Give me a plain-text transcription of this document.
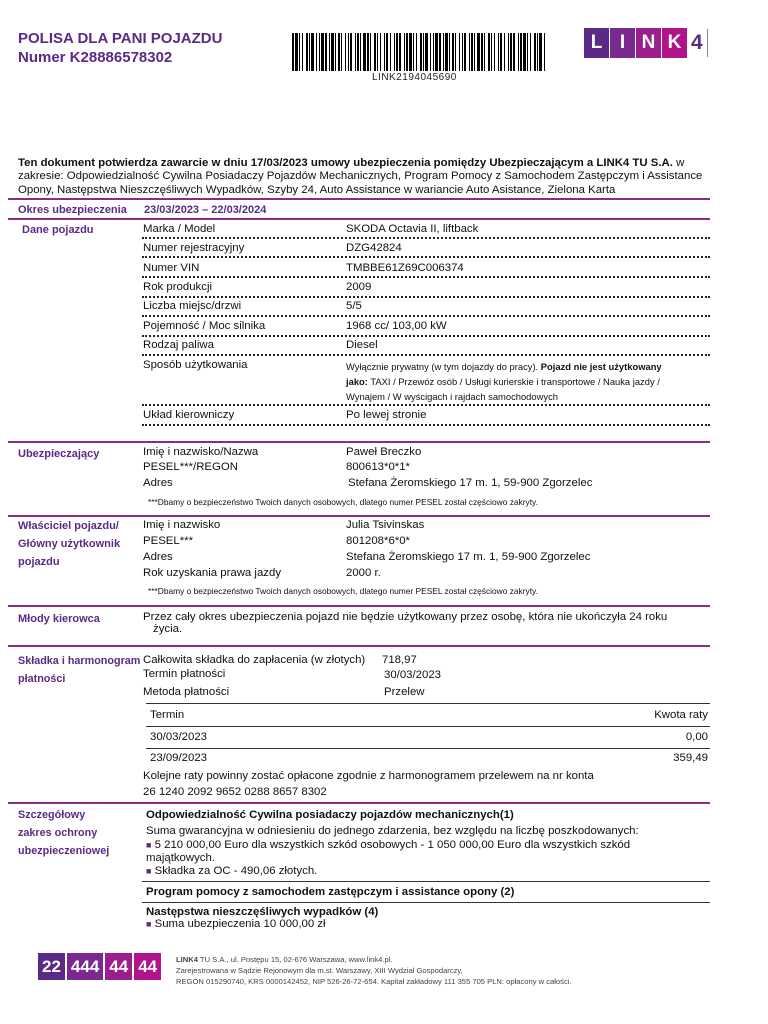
POLISA DLA PANI POJAZDU
Numer K28886578302
LINK2194045690
L I N K 4
Ten dokument potwierdza zawarcie w dniu 17/03/2023 umowy ubezpieczenia pomiędzy Ubezpieczającym a LINK4 TU S.A. w zakresie: Odpowiedzialność Cywilna Posiadaczy Pojazdów Mechanicznych, Program Pomocy z Samochodem Zastępczym i Assistance Opony, Następstwa Nieszczęśliwych Wypadków, Szyby 24, Auto Assistance w wariancie Auto Asistance, Zielona Karta
Okres ubezpieczenia 23/03/2023 – 22/03/2024
Dane pojazdu	Marka / Model	SKODA Octavia II, liftback
Numer rejestracyjny	DZG42824
Numer VIN	TMBBE61Z69C006374
Rok produkcji	2009
Liczba miejsc/drzwi	5/5
Pojemność / Moc silnika	1968 cc/ 103,00 kW
Rodzaj paliwa	Diesel
Sposób użytkowania	Wyłącznie prywatny (w tym dojazdy do pracy). Pojazd nie jest użytkowany
jako: TAXI / Przewóz osób / Usługi kurierskie i transportowe / Nauka jazdy /
Wynajem / W wyścigach i rajdach samochodowych
Układ kierowniczy	Po lewej stronie
Ubezpieczający	Imię i nazwisko/Nazwa	Paweł Breczko
PESEL***/REGON	800613*0*1*
Adres	Stefana Żeromskiego 17 m. 1, 59-900 Zgorzelec
***Dbamy o bezpieczeństwo Twoich danych osobowych, dlatego numer PESEL został częściowo zakryty.
Właściciel pojazdu/
Główny użytkownik
pojazdu
Imię i nazwisko	Julia Tsivinskas
PESEL***	801208*6*0*
Adres	Stefana Żeromskiego 17 m. 1, 59-900 Zgorzelec
Rok uzyskania prawa jazdy	2000 r.
***Dbamy o bezpieczeństwo Twoich danych osobowych, dlatego numer PESEL został częściowo zakryty.
Młody kierowca	Przez cały okres ubezpieczenia pojazd nie będzie użytkowany przez osobę, która nie ukończyła 24 roku
życia.
Składka i harmonogram
płatności
Całkowita składka do zapłacenia (w złotych) 718,97
Termin płatności	30/03/2023
Metoda płatności	Przelew
Termin	Kwota raty
30/03/2023	0,00
23/09/2023	359,49
Kolejne raty powinny zostać opłacone zgodnie z harmonogramem przelewem na nr konta
26 1240 2092 9652 0288 8657 8302
Szczegółowy
zakres ochrony
ubezpieczeniowej
Odpowiedzialność Cywilna posiadaczy pojazdów mechanicznych(1)
Suma gwarancyjna w odniesieniu do jednego zdarzenia, bez względu na liczbę poszkodowanych:
■ 5 210 000,00 Euro dla wszystkich szkód osobowych - 1 050 000,00 Euro dla wszystkich szkód
majątkowych.
■ Składka za OC - 490,06 złotych.
Program pomocy z samochodem zastępczym i assistance opony (2)
Następstwa nieszczęśliwych wypadków (4)
■ Suma ubezpieczenia 10 000,00 zł
22 444 44 44	LINK4 TU S.A., ul. Postępu 15, 02-676 Warszawa, www.link4.pl.
Zarejestrowana w Sądzie Rejonowym dla m.st. Warszawy, XIII Wydział Gospodarczy,
REGON 015290740, KRS 0000142452, NIP 526-26-72-654. Kapitał zakładowy 111 355 705 PLN: opłacony w całości.
